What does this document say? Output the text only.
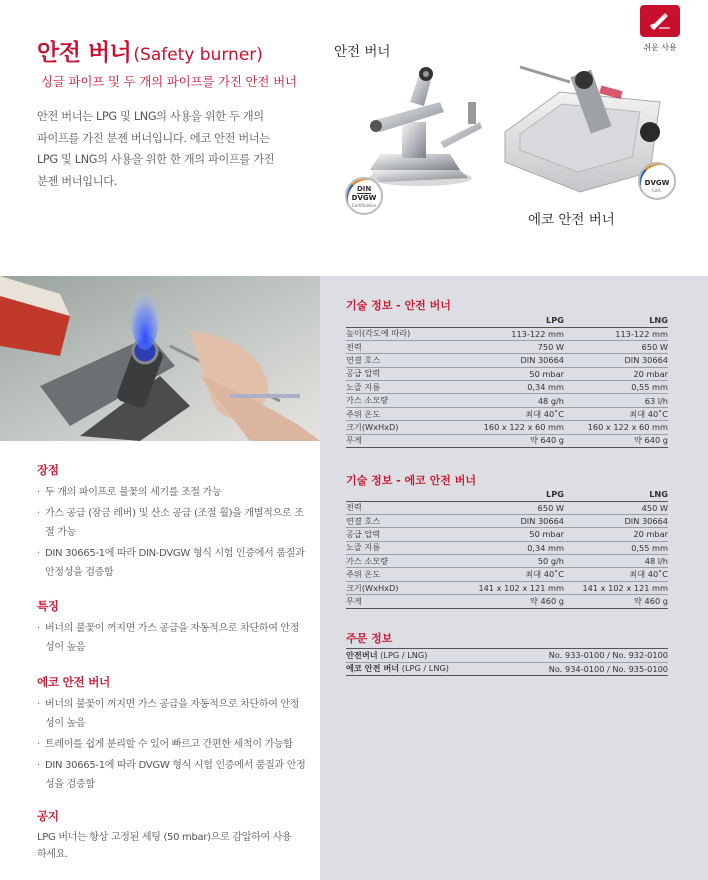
안전 버너 (Safety burner)
싱글 파이프 및 두 개의 파이프를 가진 안전 버너

안전 버너는 LPG 및 LNG의 사용을 위한 두 개의

파이프를 가진 분젠 버너입니다. 에코 안전 버너는

LPG 및 LNG의 사용을 위한 한 개의 파이프를 가진

분젠 버너입니다.

안전 버너
에코 안전 버너
쉬운 사용
DIN
DVGW
Certification
DVGW
Cert.
장점
· 두 개의 파이프로 불꽃의 세기를 조절 가능
· 가스 공급 (잠금 레버) 및 산소 공급 (조절 휠)을 개별적으로 조절 가능
· DIN 30665-1에 따라 DIN-DVGW 형식 시험 인증에서 품질과 안정성을 검증함
특징
· 버너의 불꽃이 꺼지면 가스 공급을 자동적으로 차단하여 안정성이 높음
에코 안전 버너
· 버너의 불꽃이 꺼지면 가스 공급을 자동적으로 차단하여 안정성이 높음
· 트레이를 쉽게 분리할 수 있어 빠르고 간편한 세척이 가능함
· DIN 30665-1에 따라 DVGW 형식 시험 인증에서 품질과 안정성을 검증함
공지
LPG 버너는 항상 고정된 세팅 (50 mbar)으로 감압하여 사용하세요.
기술 정보 - 안전 버너
	LPG	LNG
높이(각도에 따라)	113-122 mm	113-122 mm
전력	750 W	650 W
연결 호스	DIN 30664	DIN 30664
공급 압력	50 mbar	20 mbar
노즐 지름	0,34 mm	0,55 mm
가스 소모량	48 g/h	63 l/h
주위 온도	최대 40˚C	최대 40˚C
크기(WxHxD)	160 x 122 x 60 mm	160 x 122 x 60 mm
무게	약 640 g	약 640 g
기술 정보 - 에코 안전 버너
	LPG	LNG
전력	650 W	450 W
연결 호스	DIN 30664	DIN 30664
공급 압력	50 mbar	20 mbar
노즐 지름	0,34 mm	0,55 mm
가스 소모량	50 g/h	48 l/h
주위 온도	최대 40˚C	최대 40˚C
크기(WxHxD)	141 x 102 x 121 mm	141 x 102 x 121 mm
무게	약 460 g	약 460 g
주문 정보
안전버너 (LPG / LNG)	No. 933-0100 / No. 932-0100
에코 안전 버너 (LPG / LNG)	No. 934-0100 / No. 935-0100
